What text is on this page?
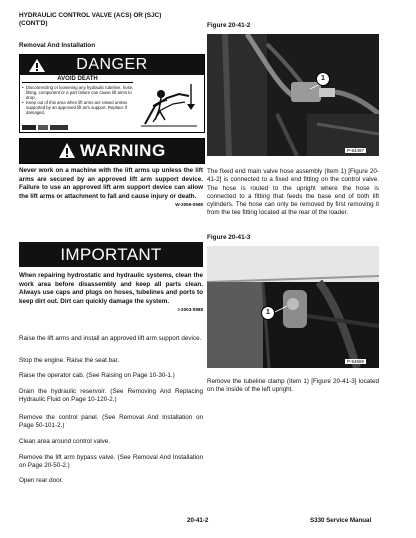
HYDRAULIC CONTROL VALVE (ACS) OR (SJC)
(CONT'D)
Removal And Installation
DANGER
AVOID DEATH
• Disconnecting or loosening any hydraulic tubeline, hose, fitting, component or a part failure can cause lift arms to drop.
• Keep out of this area when lift arms are raised unless supported by an approved lift arm support. Replace if damaged.
WARNING
Never work on a machine with the lift arms up unless the lift arms are secured by an approved lift arm support device. Failure to use an approved lift arm support device can allow the lift arms or attachment to fall and cause injury or death.
W-2059-0598
IMPORTANT
When repairing hydrostatic and hydraulic systems, clean the work area before disassembly and keep all parts clean. Always use caps and plugs on hoses, tubelines and ports to keep dirt out. Dirt can quickly damage the system.
I-2003-0888
Raise the lift arms and install an approved lift arm support device.
Stop the engine. Raise the seat bar.
Raise the operator cab. (See Raising on Page 10-30-1.)
Drain the hydraulic reservoir. (See Removing And Replacing Hydraulic Fluid on Page 10-120-2.)
Remove the control panel. (See Removal And Installation on Page 50-101-2.)
Clean area around control valve.
Remove the lift arm bypass valve. (See Removal And Installation on Page 20-50-2.)
Open rear door.
Figure 20-41-2
1
P-54497
The fixed end main valve hose assembly (Item 1) [Figure 20-41-2] is connected to a fixed end fitting on the control valve. The hose is routed to the upright where the hose is connected to a fitting that feeds the base end of both lift cylinders. The hose can only be removed by first removing it from the tee fitting located at the rear of the loader.
Figure 20-41-3
1
P-54569
Remove the tubeline clamp (Item 1) [Figure 20-41-3] located on the inside of the left upright.
20-41-2	S330 Service Manual
